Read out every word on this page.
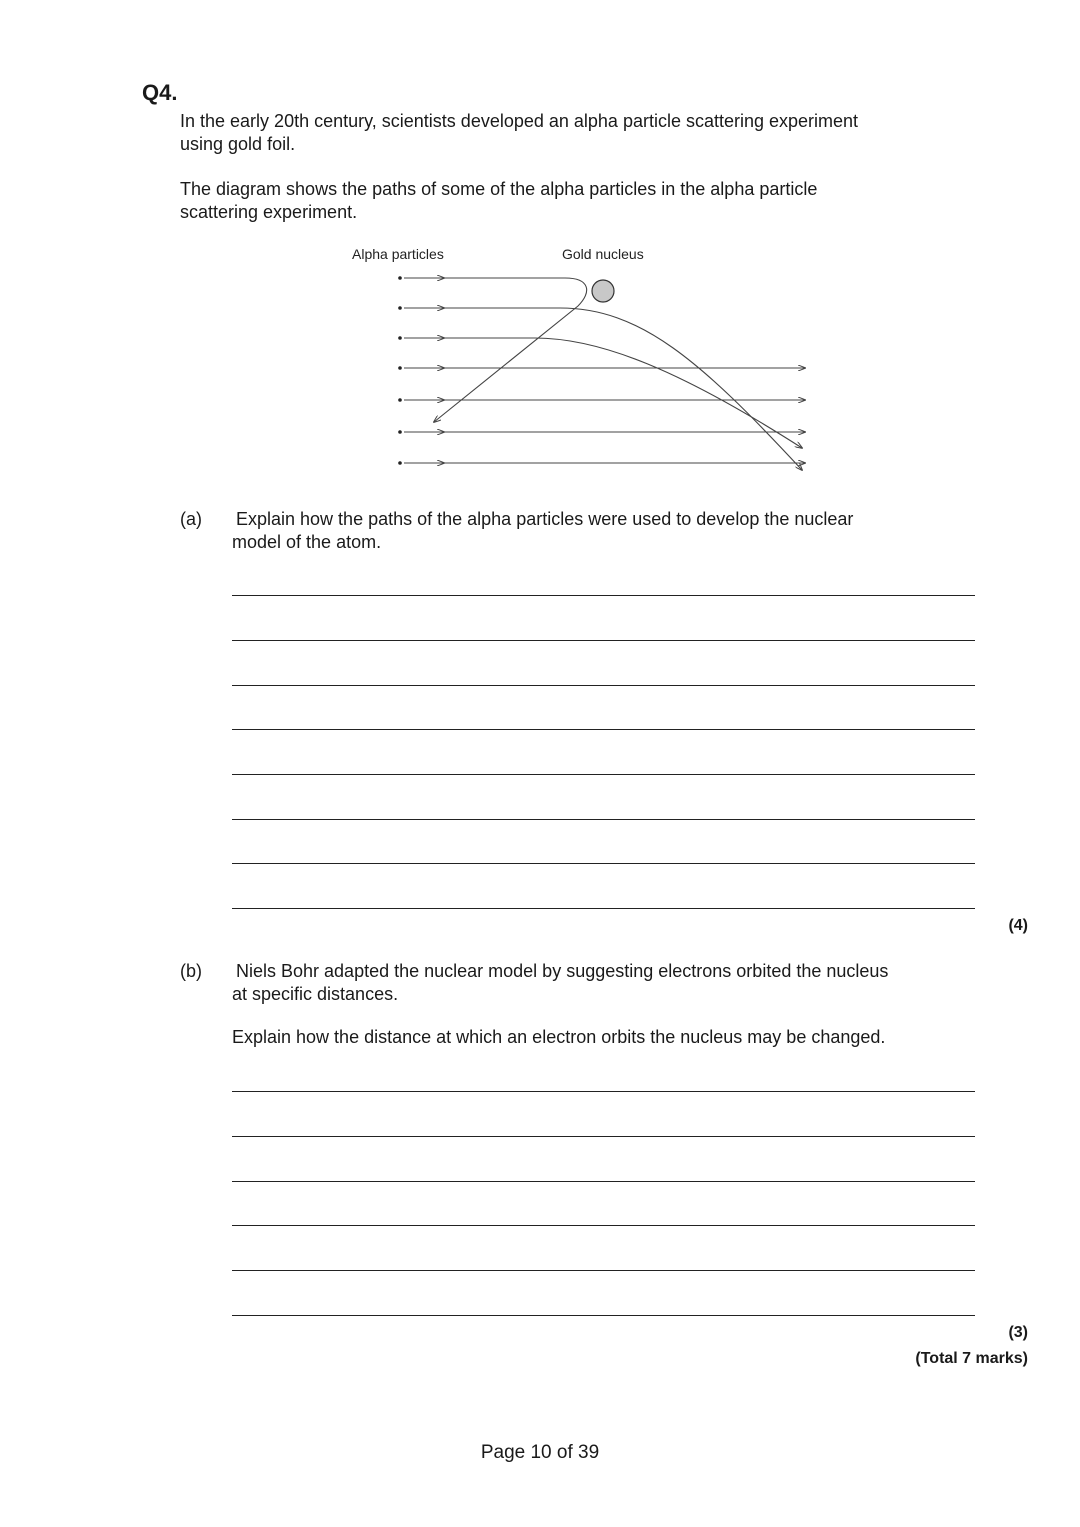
Q4.
In the early 20th century, scientists developed an alpha particle scattering experiment
using gold foil.
The diagram shows the paths of some of the alpha particles in the alpha particle
scattering experiment.
Alpha particles	Gold nucleus
(a) Explain how the paths of the alpha particles were used to develop the nuclear
model of the atom.
(4)
(b) Niels Bohr adapted the nuclear model by suggesting electrons orbited the nucleus
at specific distances.
Explain how the distance at which an electron orbits the nucleus may be changed.
(3)
(Total 7 marks)
Page 10 of 39
